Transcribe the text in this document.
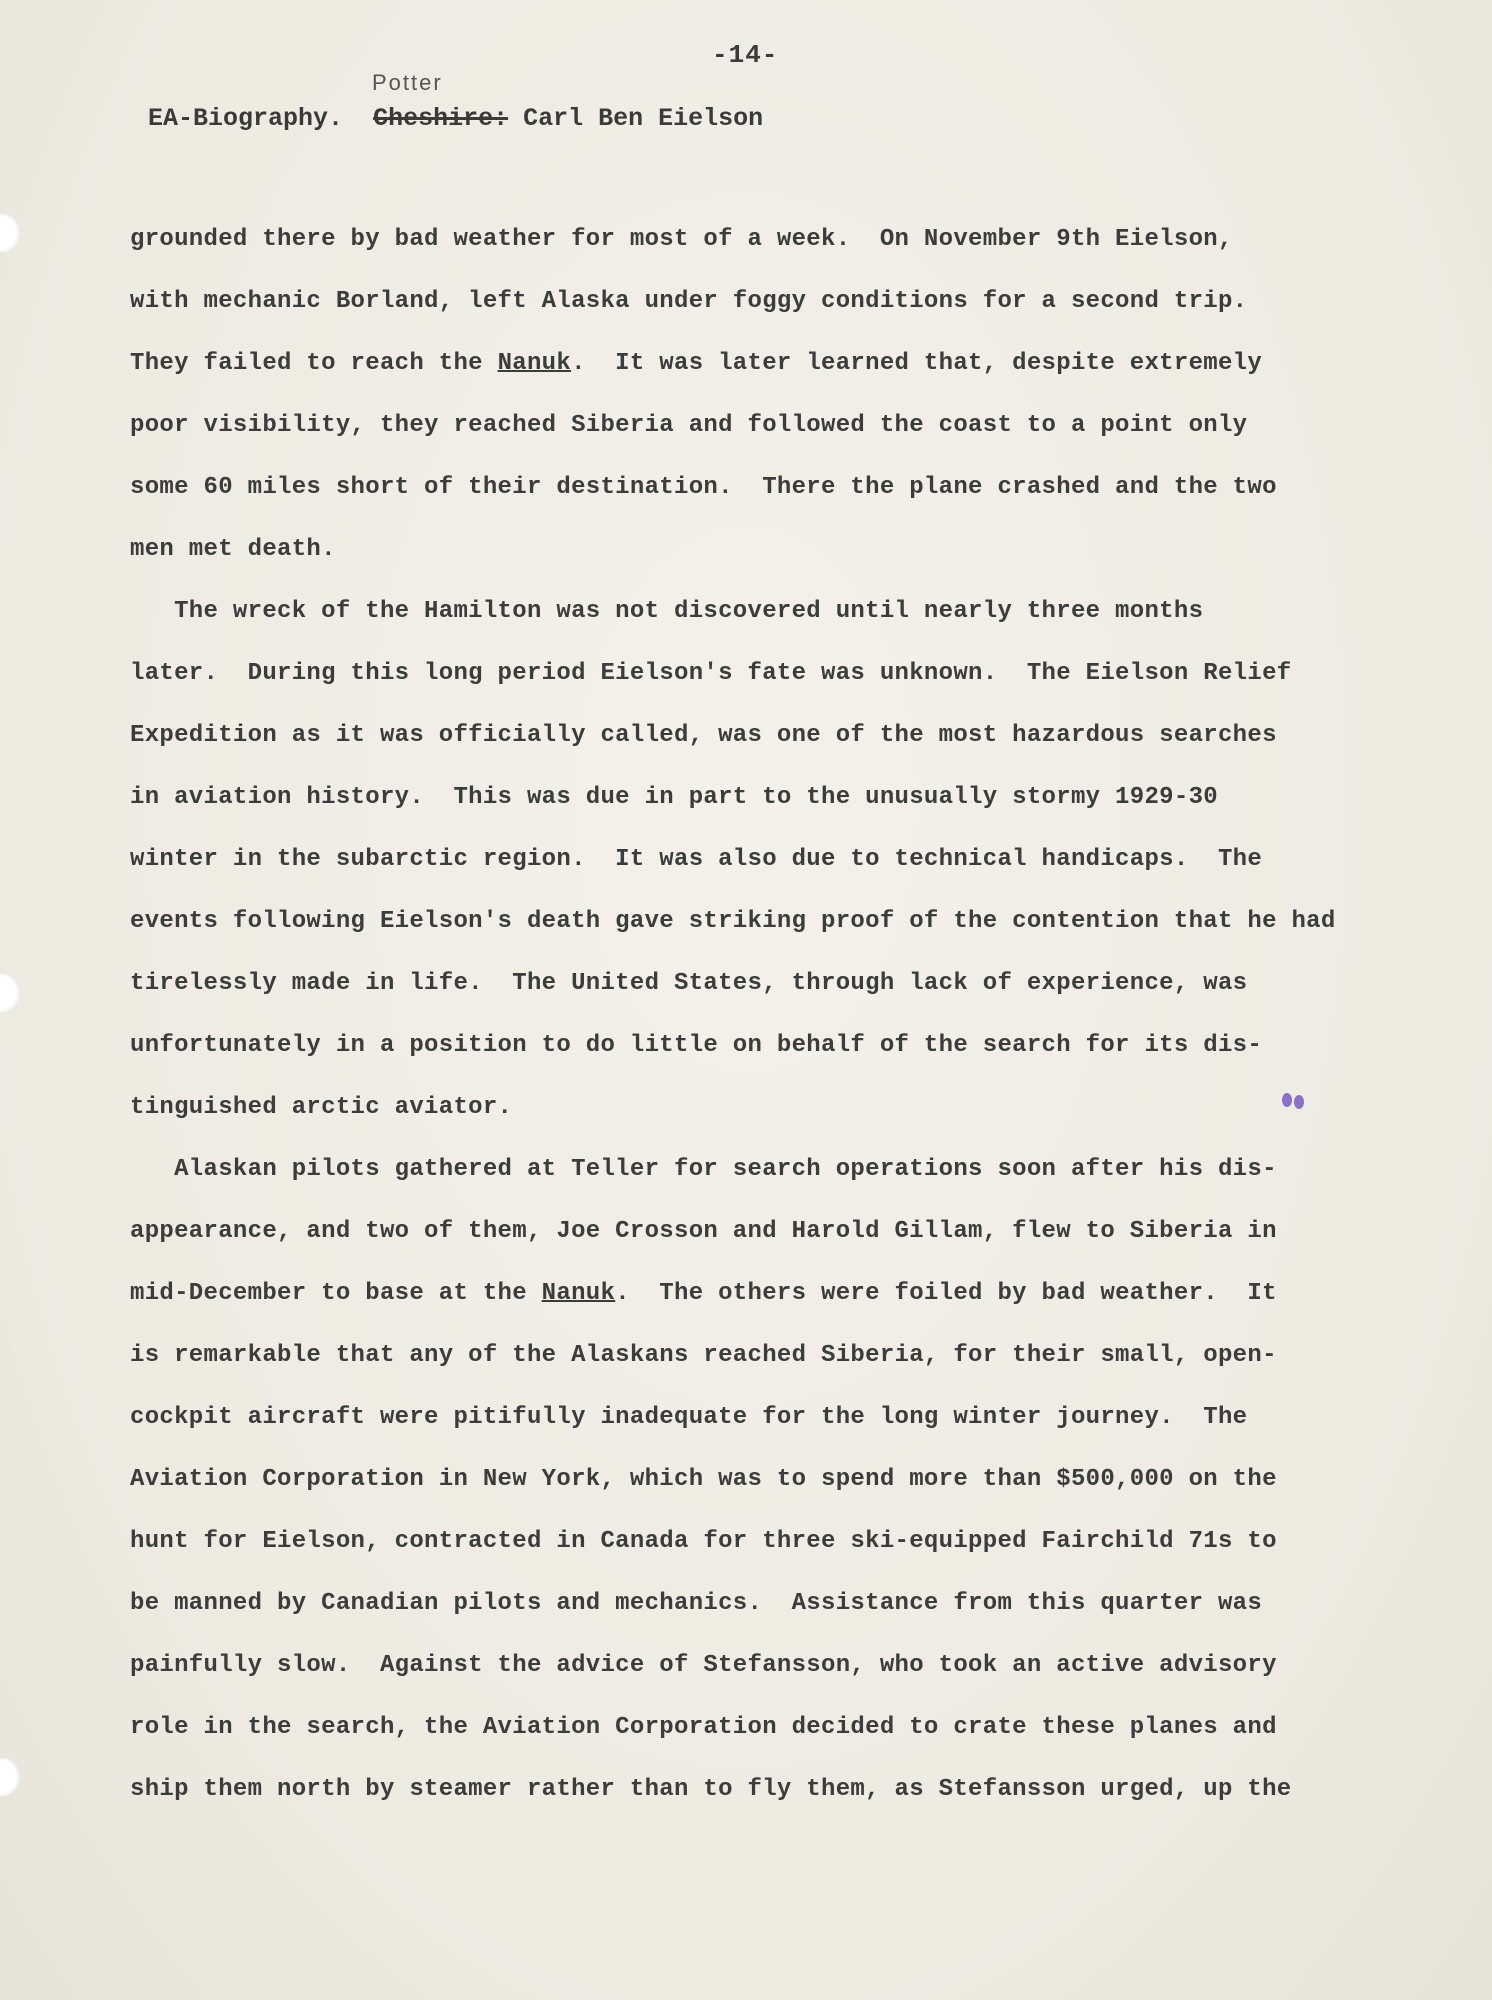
-14-
Potter
EA-Biography. Cheshire: Carl Ben Eielson
grounded there by bad weather for most of a week.  On November 9th Eielson,
with mechanic Borland, left Alaska under foggy conditions for a second trip.
They failed to reach the Nanuk.  It was later learned that, despite extremely
poor visibility, they reached Siberia and followed the coast to a point only
some 60 miles short of their destination.  There the plane crashed and the two
men met death.
The wreck of the Hamilton was not discovered until nearly three months
later.  During this long period Eielson's fate was unknown.  The Eielson Relief
Expedition as it was officially called, was one of the most hazardous searches
in aviation history.  This was due in part to the unusually stormy 1929-30
winter in the subarctic region.  It was also due to technical handicaps.  The
events following Eielson's death gave striking proof of the contention that he had
tirelessly made in life.  The United States, through lack of experience, was
unfortunately in a position to do little on behalf of the search for its dis-
tinguished arctic aviator.
Alaskan pilots gathered at Teller for search operations soon after his dis-
appearance, and two of them, Joe Crosson and Harold Gillam, flew to Siberia in
mid-December to base at the Nanuk.  The others were foiled by bad weather.  It
is remarkable that any of the Alaskans reached Siberia, for their small, open-
cockpit aircraft were pitifully inadequate for the long winter journey.  The
Aviation Corporation in New York, which was to spend more than $500,000 on the
hunt for Eielson, contracted in Canada for three ski-equipped Fairchild 71s to
be manned by Canadian pilots and mechanics.  Assistance from this quarter was
painfully slow.  Against the advice of Stefansson, who took an active advisory
role in the search, the Aviation Corporation decided to crate these planes and
ship them north by steamer rather than to fly them, as Stefansson urged, up the
